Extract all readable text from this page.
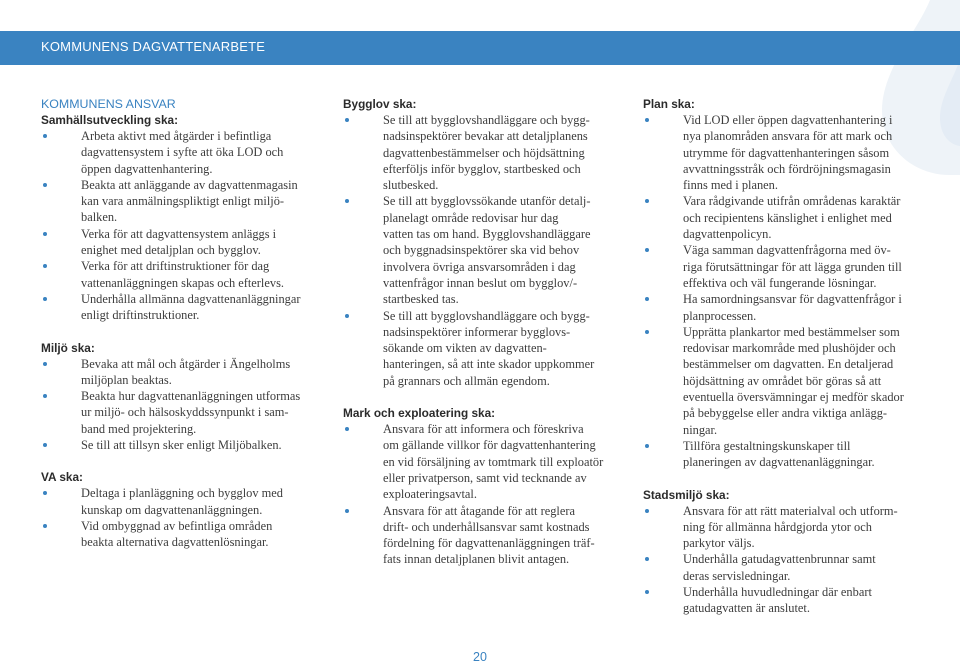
KOMMUNENS DAGVATTENARBETE

KOMMUNENS ANSVAR

Samhällsutveckling ska:

Arbeta aktivt med åtgärder i befintliga
dagvattensystem i syfte att öka LOD och
öppen dagvattenhantering.
Beakta att anläggande av dagvattenmagasin
kan vara anmälningspliktigt enligt miljö-
balken.
Verka för att dagvattensystem anläggs i
enighet med detaljplan och bygglov.
Verka för att driftinstruktioner för dag
vattenanläggningen skapas och efterlevs.
Underhålla allmänna dagvattenanläggningar
enligt driftinstruktioner.

Miljö ska:

Bevaka att mål och åtgärder i Ängelholms
miljöplan beaktas.
Beakta hur dagvattenanläggningen utformas
ur miljö- och hälsoskyddssynpunkt i sam-
band med projektering.
Se till att tillsyn sker enligt Miljöbalken.

VA ska:

Deltaga i planläggning och bygglov med
kunskap om dagvattenanläggningen.
Vid ombyggnad av befintliga områden
beakta alternativa dagvattenlösningar.

Bygglov ska:

Se till att bygglovshandläggare och bygg-
nadsinspektörer bevakar att detaljplanens
dagvattenbestämmelser och höjdsättning
efterföljs inför bygglov, startbesked och
slutbesked.
Se till att bygglovssökande utanför detalj-
planelagt område redovisar hur dag
vatten tas om hand. Bygglovshandläggare
och byggnadsinspektörer ska vid behov
involvera övriga ansvarsområden i dag
vattenfrågor innan beslut om bygglov/-
startbesked tas.
Se till att bygglovshandläggare och bygg-
nadsinspektörer informerar bygglovs-
sökande om vikten av dagvatten-
hanteringen, så att inte skador uppkommer
på grannars och allmän egendom.

Mark och exploatering ska:

Ansvara för att informera och föreskriva
om gällande villkor för dagvattenhantering
en vid försäljning av tomtmark till exploatör
eller privatperson, samt vid tecknande av
exploateringsavtal.
Ansvara för att åtagande för att reglera
drift- och underhållsansvar samt kostnads
fördelning för dagvattenanläggningen träf-
fats innan detaljplanen blivit antagen.

Plan ska:

Vid LOD eller öppen dagvattenhantering i
nya planområden ansvara för att mark och
utrymme för dagvattenhanteringen såsom
avvattningsstråk och fördröjningsmagasin
finns med i planen.
Vara rådgivande utifrån områdenas karaktär
och recipientens känslighet i enlighet med
dagvattenpolicyn.
Väga samman dagvattenfrågorna med öv-
riga förutsättningar för att lägga grunden till
effektiva och väl fungerande lösningar.
Ha samordningsansvar för dagvattenfrågor i
planprocessen.
Upprätta plankartor med bestämmelser som
redovisar markområde med plushöjder och
bestämmelser om dagvatten. En detaljerad
höjdsättning av området bör göras så att
eventuella översvämningar ej medför skador
på bebyggelse eller andra viktiga anlägg-
ningar.
Tillföra gestaltningskunskaper till
planeringen av dagvattenanläggningar.

Stadsmiljö ska:

Ansvara för att rätt materialval och utform-
ning för allmänna hårdgjorda ytor och
parkytor väljs.
Underhålla gatudagvattenbrunnar samt
deras servisledningar.
Underhålla huvudledningar där enbart
gatudagvatten är anslutet.
20
